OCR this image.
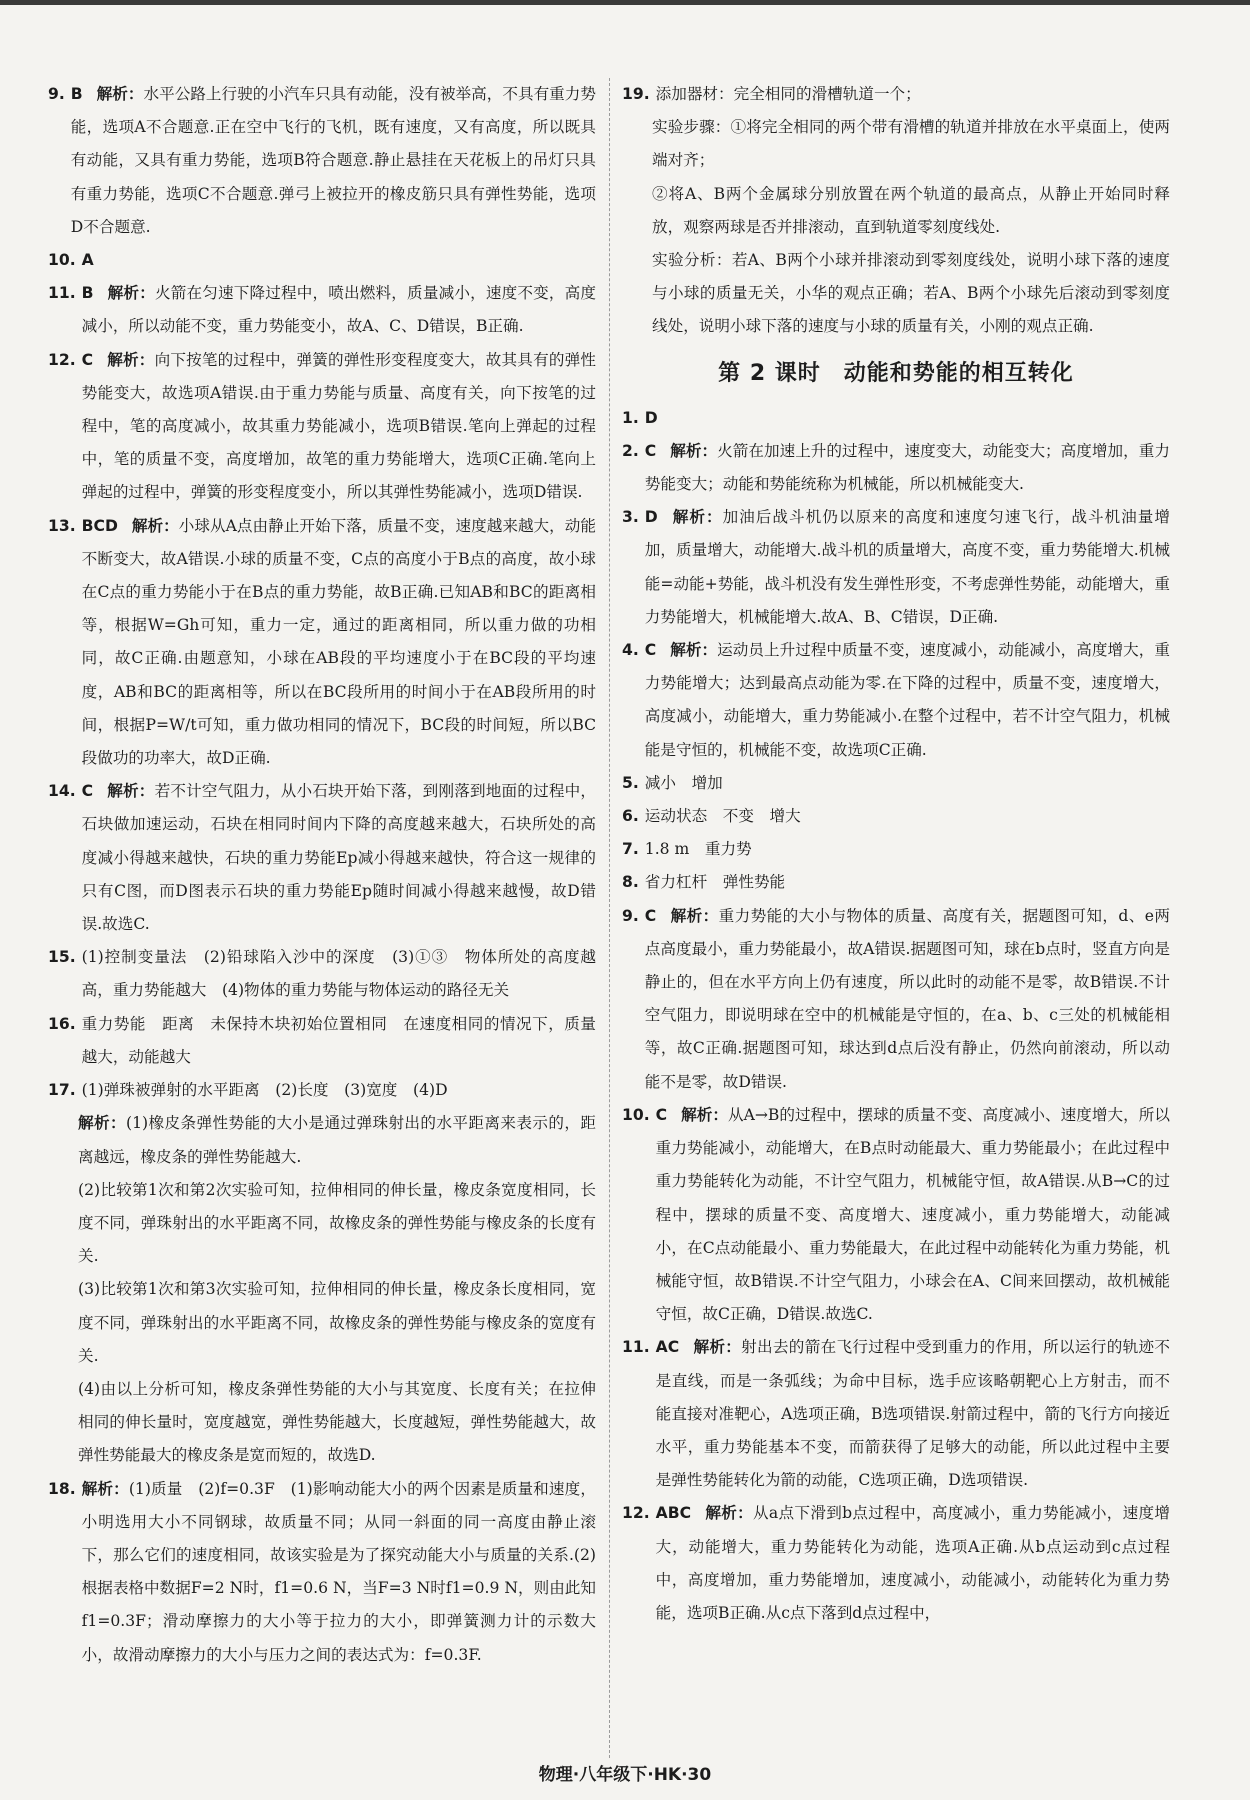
9. B 解析：水平公路上行驶的小汽车只具有动能，没有被举高，不具有重力势能，选项A不合题意.正在空中飞行的飞机，既有速度，又有高度，所以既具有动能，又具有重力势能，选项B符合题意.静止悬挂在天花板上的吊灯只具有重力势能，选项C不合题意.弹弓上被拉开的橡皮筋只具有弹性势能，选项D不合题意.
10. A
11. B 解析：火箭在匀速下降过程中，喷出燃料，质量减小，速度不变，高度减小，所以动能不变，重力势能变小，故A、C、D错误，B正确.
12. C 解析：向下按笔的过程中，弹簧的弹性形变程度变大，故其具有的弹性势能变大，故选项A错误.由于重力势能与质量、高度有关，向下按笔的过程中，笔的高度减小，故其重力势能减小，选项B错误.笔向上弹起的过程中，笔的质量不变，高度增加，故笔的重力势能增大，选项C正确.笔向上弹起的过程中，弹簧的形变程度变小，所以其弹性势能减小，选项D错误.
13. BCD 解析：小球从A点由静止开始下落，质量不变，速度越来越大，动能不断变大，故A错误.小球的质量不变，C点的高度小于B点的高度，故小球在C点的重力势能小于在B点的重力势能，故B正确.已知AB和BC的距离相等，根据W=Gh可知，重力一定，通过的距离相同，所以重力做的功相同，故C正确.由题意知，小球在AB段的平均速度小于在BC段的平均速度，AB和BC的距离相等，所以在BC段所用的时间小于在AB段所用的时间，根据P=W/t可知，重力做功相同的情况下，BC段的时间短，所以BC段做功的功率大，故D正确.
14. C 解析：若不计空气阻力，从小石块开始下落，到刚落到地面的过程中，石块做加速运动，石块在相同时间内下降的高度越来越大，石块所处的高度减小得越来越快，石块的重力势能Ep减小得越来越快，符合这一规律的只有C图，而D图表示石块的重力势能Ep随时间减小得越来越慢，故D错误.故选C.
15. (1)控制变量法　(2)铅球陷入沙中的深度　(3)①③　物体所处的高度越高，重力势能越大　(4)物体的重力势能与物体运动的路径无关
16. 重力势能　距离　未保持木块初始位置相同　在速度相同的情况下，质量越大，动能越大
17. (1)弹珠被弹射的水平距离　(2)长度　(3)宽度　(4)D
解析：(1)橡皮条弹性势能的大小是通过弹珠射出的水平距离来表示的，距离越远，橡皮条的弹性势能越大.
(2)比较第1次和第2次实验可知，拉伸相同的伸长量，橡皮条宽度相同，长度不同，弹珠射出的水平距离不同，故橡皮条的弹性势能与橡皮条的长度有关.
(3)比较第1次和第3次实验可知，拉伸相同的伸长量，橡皮条长度相同，宽度不同，弹珠射出的水平距离不同，故橡皮条的弹性势能与橡皮条的宽度有关.
(4)由以上分析可知，橡皮条弹性势能的大小与其宽度、长度有关；在拉伸相同的伸长量时，宽度越宽，弹性势能越大，长度越短，弹性势能越大，故弹性势能最大的橡皮条是宽而短的，故选D.
18. 解析：(1)质量　(2)f=0.3F　(1)影响动能大小的两个因素是质量和速度，小明选用大小不同钢球，故质量不同；从同一斜面的同一高度由静止滚下，那么它们的速度相同，故该实验是为了探究动能大小与质量的关系.(2)根据表格中数据F=2 N时，f1=0.6 N，当F=3 N时f1=0.9 N，则由此知f1=0.3F；滑动摩擦力的大小等于拉力的大小，即弹簧测力计的示数大小，故滑动摩擦力的大小与压力之间的表达式为：f=0.3F.
19. 添加器材：完全相同的滑槽轨道一个；
实验步骤：①将完全相同的两个带有滑槽的轨道并排放在水平桌面上，使两端对齐；
②将A、B两个金属球分别放置在两个轨道的最高点，从静止开始同时释放，观察两球是否并排滚动，直到轨道零刻度线处.
实验分析：若A、B两个小球并排滚动到零刻度线处，说明小球下落的速度与小球的质量无关，小华的观点正确；若A、B两个小球先后滚动到零刻度线处，说明小球下落的速度与小球的质量有关，小刚的观点正确.
第 2 课时　动能和势能的相互转化
1. D
2. C 解析：火箭在加速上升的过程中，速度变大，动能变大；高度增加，重力势能变大；动能和势能统称为机械能，所以机械能变大.
3. D 解析：加油后战斗机仍以原来的高度和速度匀速飞行，战斗机油量增加，质量增大，动能增大.战斗机的质量增大，高度不变，重力势能增大.机械能=动能+势能，战斗机没有发生弹性形变，不考虑弹性势能，动能增大，重力势能增大，机械能增大.故A、B、C错误，D正确.
4. C 解析：运动员上升过程中质量不变，速度减小，动能减小，高度增大，重力势能增大；达到最高点动能为零.在下降的过程中，质量不变，速度增大，高度减小，动能增大，重力势能减小.在整个过程中，若不计空气阻力，机械能是守恒的，机械能不变，故选项C正确.
5. 减小　增加
6. 运动状态　不变　增大
7. 1.8 m　重力势
8. 省力杠杆　弹性势能
9. C 解析：重力势能的大小与物体的质量、高度有关，据题图可知，d、e两点高度最小，重力势能最小，故A错误.据题图可知，球在b点时，竖直方向是静止的，但在水平方向上仍有速度，所以此时的动能不是零，故B错误.不计空气阻力，即说明球在空中的机械能是守恒的，在a、b、c三处的机械能相等，故C正确.据题图可知，球达到d点后没有静止，仍然向前滚动，所以动能不是零，故D错误.
10. C 解析：从A→B的过程中，摆球的质量不变、高度减小、速度增大，所以重力势能减小，动能增大，在B点时动能最大、重力势能最小；在此过程中重力势能转化为动能，不计空气阻力，机械能守恒，故A错误.从B→C的过程中，摆球的质量不变、高度增大、速度减小，重力势能增大，动能减小，在C点动能最小、重力势能最大，在此过程中动能转化为重力势能，机械能守恒，故B错误.不计空气阻力，小球会在A、C间来回摆动，故机械能守恒，故C正确，D错误.故选C.
11. AC 解析：射出去的箭在飞行过程中受到重力的作用，所以运行的轨迹不是直线，而是一条弧线；为命中目标，选手应该略朝靶心上方射击，而不能直接对准靶心，A选项正确，B选项错误.射箭过程中，箭的飞行方向接近水平，重力势能基本不变，而箭获得了足够大的动能，所以此过程中主要是弹性势能转化为箭的动能，C选项正确，D选项错误.
12. ABC 解析：从a点下滑到b点过程中，高度减小，重力势能减小，速度增大，动能增大，重力势能转化为动能，选项A正确.从b点运动到c点过程中，高度增加，重力势能增加，速度减小，动能减小，动能转化为重力势能，选项B正确.从c点下落到d点过程中，
物理·八年级下·HK·30
